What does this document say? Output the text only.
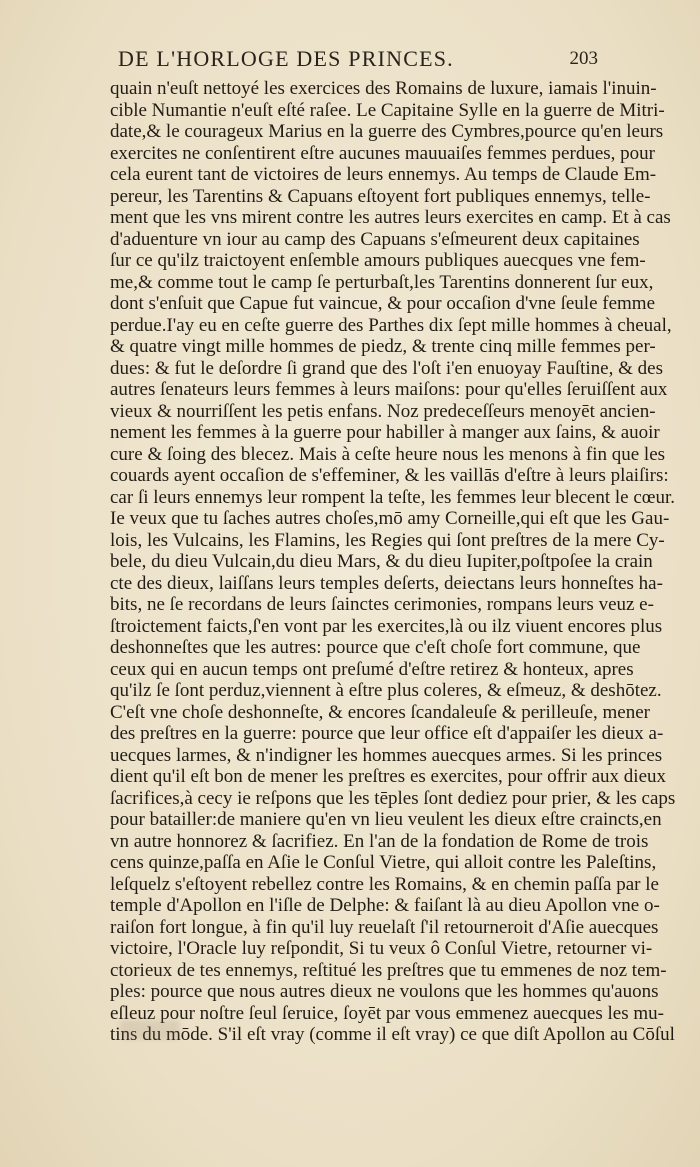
DE L'HORLOGE DES PRINCES.	203
quain n'euſt nettoyé les exercices des Romains de luxure, iamais l'inuin-
cible Numantie n'euſt eſté raſee. Le Capitaine Sylle en la guerre de Mitri-
date,& le courageux Marius en la guerre des Cymbres,pource qu'en leurs
exercites ne conſentirent eſtre aucunes mauuaiſes femmes perdues, pour
cela eurent tant de victoires de leurs ennemys. Au temps de Claude Em-
pereur, les Tarentins & Capuans eſtoyent fort publiques ennemys, telle-
ment que les vns mirent contre les autres leurs exercites en camp. Et à cas
d'aduenture vn iour au camp des Capuans s'eſmeurent deux capitaines
ſur ce qu'ilz traictoyent enſemble amours publiques auecques vne fem-
me,& comme tout le camp ſe perturbaſt,les Tarentins donnerent ſur eux,
dont s'enſuit que Capue fut vaincue, & pour occaſion d'vne ſeule femme
perdue.I'ay eu en ceſte guerre des Parthes dix ſept mille hommes à cheual,
& quatre vingt mille hommes de piedz, & trente cinq mille femmes per-
dues: & fut le deſordre ſi grand que des l'oſt i'en enuoyay Fauſtine, & des
autres ſenateurs leurs femmes à leurs maiſons: pour qu'elles ſeruiſſent aux
vieux & nourriſſent les petis enfans. Noz predeceſſeurs menoyēt ancien-
nement les femmes à la guerre pour habiller à manger aux ſains, & auoir
cure & ſoing des bleсez. Mais à ceſte heure nous les menons à fin que les
couards ayent occaſion de s'effeminer, & les vaillās d'eſtre à leurs plaiſirs:
car ſi leurs ennemys leur rompent la teſte, les femmes leur blecent le cœur.
Ie veux que tu ſaches autres choſes,mō amy Corneille,qui eſt que les Gau-
lois, les Vulcains, les Flamins, les Regies qui ſont preſtres de la mere Cy-
bele, du dieu Vulcain,du dieu Mars, & du dieu Iupiter,poſtpoſee la crain
cte des dieux, laiſſans leurs temples deſerts, deiectans leurs honneſtes ha-
bits, ne ſe recordans de leurs ſainctes cerimonies, rompans leurs veuz e-
ſtroictement faicts,ſ'en vont par les exercites,là ou ilz viuent encores plus
deshonneſtes que les autres: pource que c'eſt choſe fort commune, que
ceux qui en aucun temps ont preſumé d'eſtre retirez & honteux, apres
qu'ilz ſe ſont perduz,viennent à eſtre plus coleres, & eſmeuz, & deshōtez.
C'eſt vne choſe deshonneſte, & encores ſcandaleuſe & perilleuſe, mener
des preſtres en la guerre: pource que leur office eſt d'appaiſer les dieux a-
uecques larmes, & n'indigner les hommes auecques armes. Si les princes
dient qu'il eſt bon de mener les preſtres es exercites, pour offrir aux dieux
ſacrifices,à cecy ie reſpons que les tēples ſont dediez pour prier, & les caps
pour batailler:de maniere qu'en vn lieu veulent les dieux eſtre craincts,en
vn autre honnorez & ſacrifiez. En l'an de la fondation de Rome de trois
cens quinze,paſſa en Aſie le Conſul Vietre, qui alloit contre les Paleſtins,
leſquelz s'eſtoyent rebellez contre les Romains, & en chemin paſſa par le
temple d'Apollon en l'iſle de Delphe: & faiſant là au dieu Apollon vne o-
raiſon fort longue, à fin qu'il luy reuelaſt ſ'il retourneroit d'Aſie auecques
victoire, l'Oracle luy reſpondit, Si tu veux ô Conſul Vietre, retourner vi-
ctorieux de tes ennemys, reſtitué les preſtres que tu emmenes de noz tem-
ples: pource que nous autres dieux ne voulons que les hommes qu'auons
eſleuz pour noſtre ſeul ſeruice, ſoyēt par vous emmenez auecques les mu-
tins du mōde. S'il eſt vray (comme il eſt vray) ce que diſt Apollon au Cōſul
